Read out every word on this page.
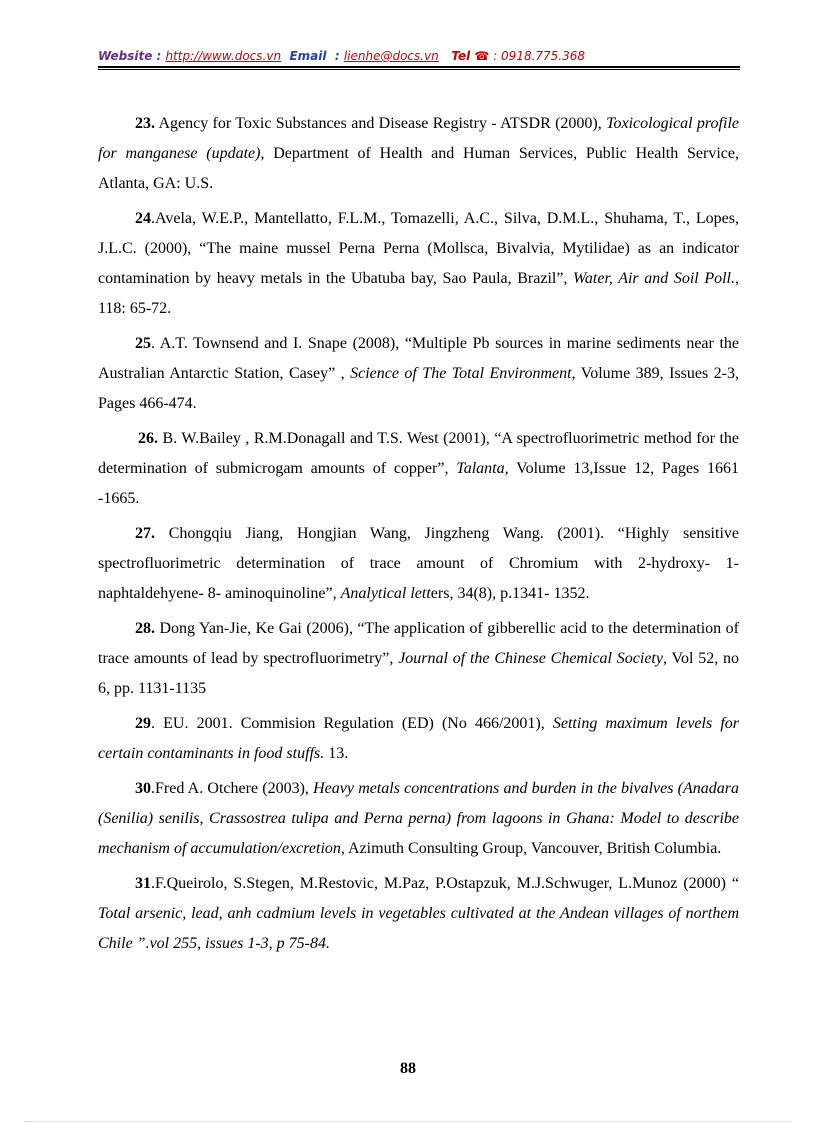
Website : http://www.docs.vn Email  : lienhe@docs.vn Tel ☎ : 0918.775.368

23. Agency for Toxic Substances and Disease Registry - ATSDR (2000), Toxicological profile for manganese (update), Department of Health and Human Services, Public Health Service, Atlanta, GA: U.S.

24.Avela, W.E.P., Mantellatto, F.L.M., Tomazelli, A.C., Silva, D.M.L., Shuhama, T., Lopes, J.L.C. (2000), “The maine mussel Perna Perna (Mollsca, Bivalvia, Mytilidae) as an indicator contamination by heavy metals in the Ubatuba bay, Sao Paula, Brazil”, Water, Air and Soil Poll., 118: 65-72.

25. A.T. Townsend and I. Snape (2008), “Multiple Pb sources in marine sediments near the Australian Antarctic Station, Casey” , Science of The Total Environment, Volume 389, Issues 2-3, Pages 466-474.

26. B. W.Bailey , R.M.Donagall and T.S. West (2001), “A spectrofluorimetric method for the determination of submicrogam amounts of copper”, Talanta, Volume 13,Issue 12, Pages 1661 -1665.

27. Chongqiu Jiang, Hongjian Wang, Jingzheng Wang. (2001). “Highly sensitive spectrofluorimetric determination of trace amount of Chromium with 2-hydroxy- 1-naphtaldehyene- 8- aminoquinoline”, Analytical letters, 34(8), p.1341- 1352.

28. Dong Yan-Jie, Ke Gai (2006), “The application of gibberellic acid to the determination of trace amounts of lead by spectrofluorimetry”, Journal of the Chinese Chemical Society, Vol 52, no 6, pp. 1131-1135

29. EU. 2001. Commision Regulation (ED) (No 466/2001), Setting maximum levels for certain contaminants in food stuffs. 13.

30.Fred A. Otchere (2003), Heavy metals concentrations and burden in the bivalves (Anadara (Senilia) senilis, Crassostrea tulipa and Perna perna) from lagoons in Ghana: Model to describe mechanism of accumulation/excretion, Azimuth Consulting Group, Vancouver, British Columbia.

31.F.Queirolo, S.Stegen, M.Restovic, M.Paz, P.Ostapzuk, M.J.Schwuger, L.Munoz (2000) “ Total arsenic, lead, anh cadmium levels in vegetables cultivated at the Andean villages of northem Chile ”.vol 255, issues 1-3, p 75-84.

88
